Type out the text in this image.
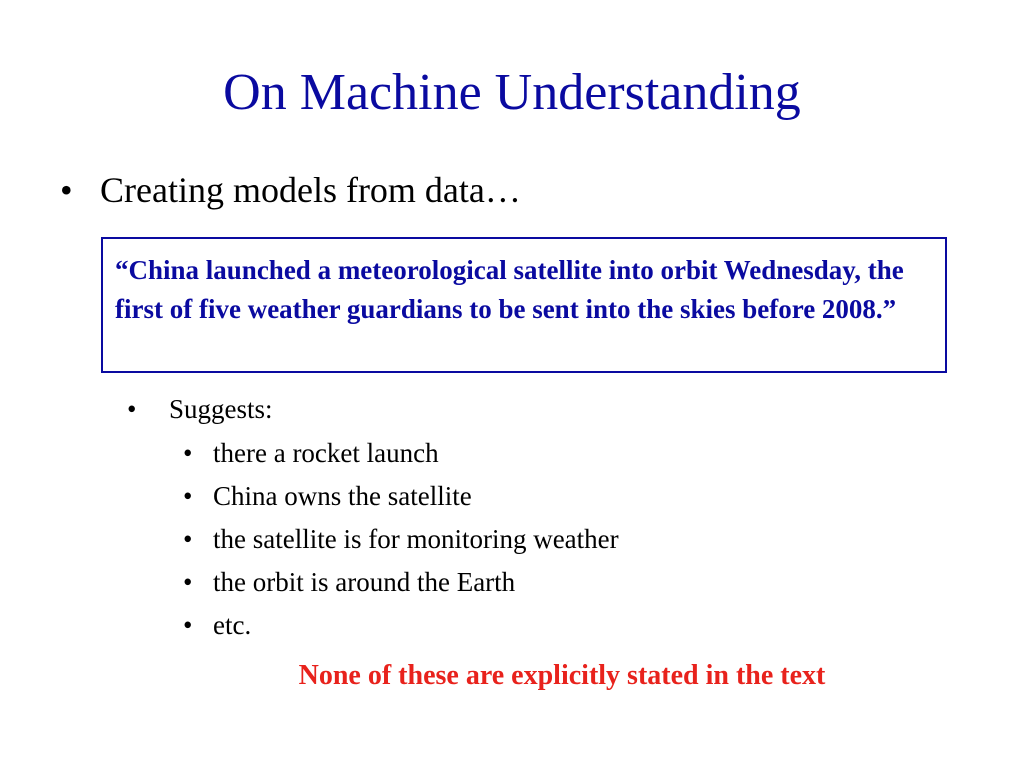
On Machine Understanding
• Creating models from data…
“China launched a meteorological satellite into orbit Wednesday, the first of five weather guardians to be sent into the skies before 2008.”
•	Suggests:
• there a rocket launch
• China owns the satellite
• the satellite is for monitoring weather
• the orbit is around the Earth
• etc.
None of these are explicitly stated in the text
